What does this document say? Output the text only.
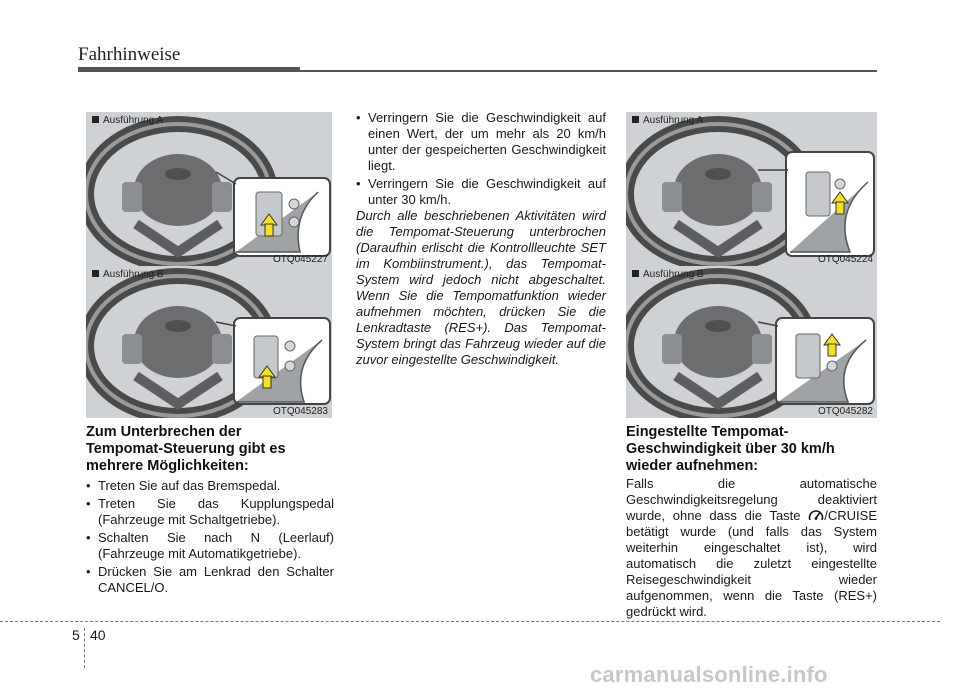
Fahrhinweise
Ausführung A
OTQ045227
Ausführung B
OTQ045283
Zum Unterbrechen der
Tempomat-Steuerung gibt es
mehrere Möglichkeiten:
• Treten Sie auf das Bremspedal.
• Treten Sie das Kupplungspedal (Fahrzeuge mit Schaltgetriebe).
• Schalten Sie nach N (Leerlauf) (Fahrzeuge mit Automatikgetriebe).
• Drücken Sie am Lenkrad den Schalter CANCEL/O.
• Verringern Sie die Geschwindigkeit auf einen Wert, der um mehr als 20 km/h unter der gespeicherten Geschwindigkeit liegt.
• Verringern Sie die Geschwindigkeit auf unter 30 km/h.
Durch alle beschriebenen Aktivitäten wird die Tempomat-Steuerung unterbrochen (Daraufhin erlischt die Kontrollleuchte SET im Kombiinstrument.), das Tempomat-System wird jedoch nicht abgeschaltet. Wenn Sie die Tempomatfunktion wieder aufnehmen möchten, drücken Sie die Lenkradtaste (RES+). Das Tempomat-System bringt das Fahrzeug wieder auf die zuvor eingestellte Geschwindigkeit.
Ausführung A
OTQ045224
Ausführung B
OTQ045282
Eingestellte Tempomat-
Geschwindigkeit über 30 km/h
wieder aufnehmen:
Falls die automatische Geschwindigkeitsregelung deaktiviert wurde, ohne dass die Taste /CRUISE betätigt wurde (und falls das System weiterhin eingeschaltet ist), wird automatisch die zuletzt eingestellte Reisegeschwindigkeit wieder aufgenommen, wenn die Taste (RES+) gedrückt wird.
5 40
carmanualsonline.info
